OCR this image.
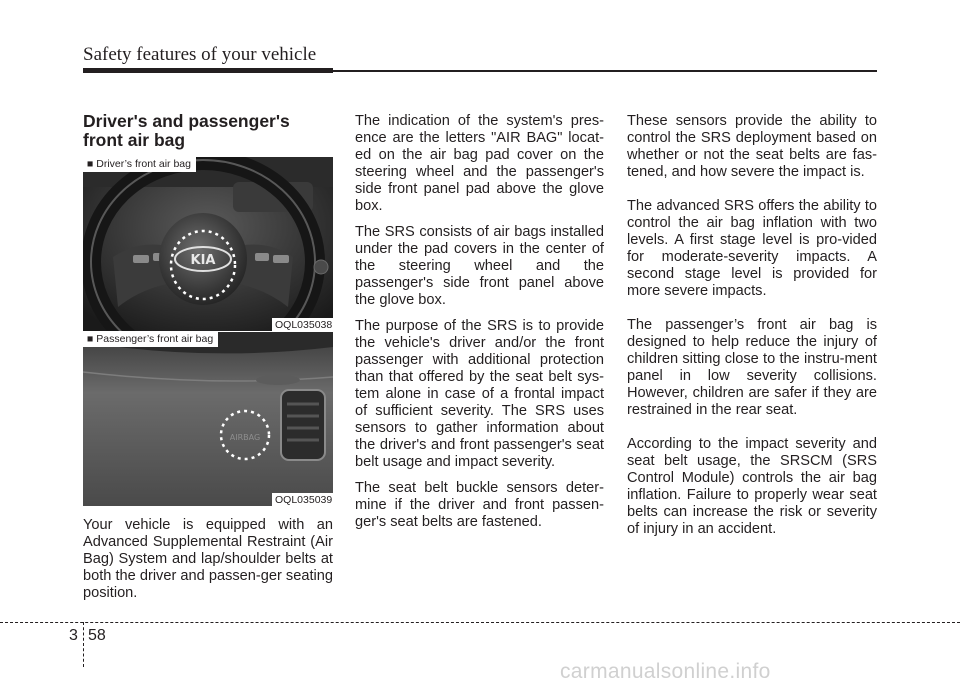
Safety features of your vehicle
Driver's and passenger's front air bag
KIA
■ Driver’s front air bag
OQL035038
AIRBAG
■ Passenger’s front air bag
OQL035039

Your vehicle is equipped with an Advanced Supplemental Restraint (Air Bag) System and lap/shoulder belts at both the driver and passen-ger seating position.

The indication of the system's pres-ence are the letters "AIR BAG" locat-ed on the air bag pad cover on the steering wheel and the passenger's side front panel pad above the glove box.

The SRS consists of air bags installed under the pad covers in the center of the steering wheel and the passenger's side front panel above the glove box.

The purpose of the SRS is to provide the vehicle's driver and/or the front passenger with additional protection than that offered by the seat belt sys-tem alone in case of a frontal impact of sufficient severity. The SRS uses sensors to gather information about the driver's and front passenger's seat belt usage and impact severity.

The seat belt buckle sensors deter-mine if the driver and front passen-ger's seat belts are fastened.

These sensors provide the ability to control the SRS deployment based on whether or not the seat belts are fas-tened, and how severe the impact is.

The advanced SRS offers the ability to control the air bag inflation with two levels. A first stage level is pro-vided for moderate-severity impacts. A second stage level is provided for more severe impacts.

The passenger’s front air bag is designed to help reduce the injury of children sitting close to the instru-ment panel in low severity collisions. However, children are safer if they are restrained in the rear seat.

According to the impact severity and seat belt usage, the SRSCM (SRS Control Module) controls the air bag inflation. Failure to properly wear seat belts can increase the risk or severity of injury in an accident.

3 58
carmanualsonline.info
